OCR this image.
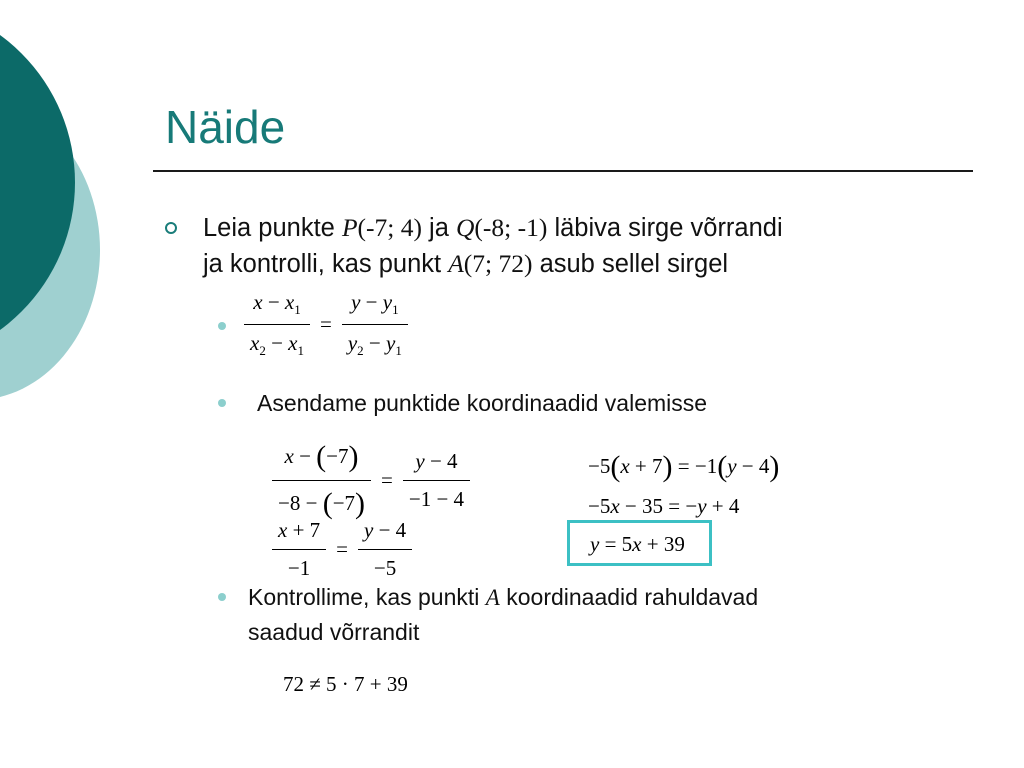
Näide
Leia punkte P(-7; 4) ja Q(-8; -1) läbiva sirge võrrandi
ja kontrolli, kas punkt A(7; 72) asub sellel sirgel
$\frac{x - x_1}{x_2 - x_1} = \frac{y - y_1}{y_2 - y_1}$
Asendame punktide koordinaadid valemisse
$\frac{x - (-7)}{-8 - (-7)} = \frac{y - 4}{-1 - 4}$
$\frac{x + 7}{-1} = \frac{y - 4}{-5}$
−5(x + 7) = −1(y − 4)
−5x − 35 = −y + 4
y = 5x + 39
Kontrollime, kas punkti A koordinaadid rahuldavad
saadud võrrandit
72 ≠ 5 · 7 + 39
